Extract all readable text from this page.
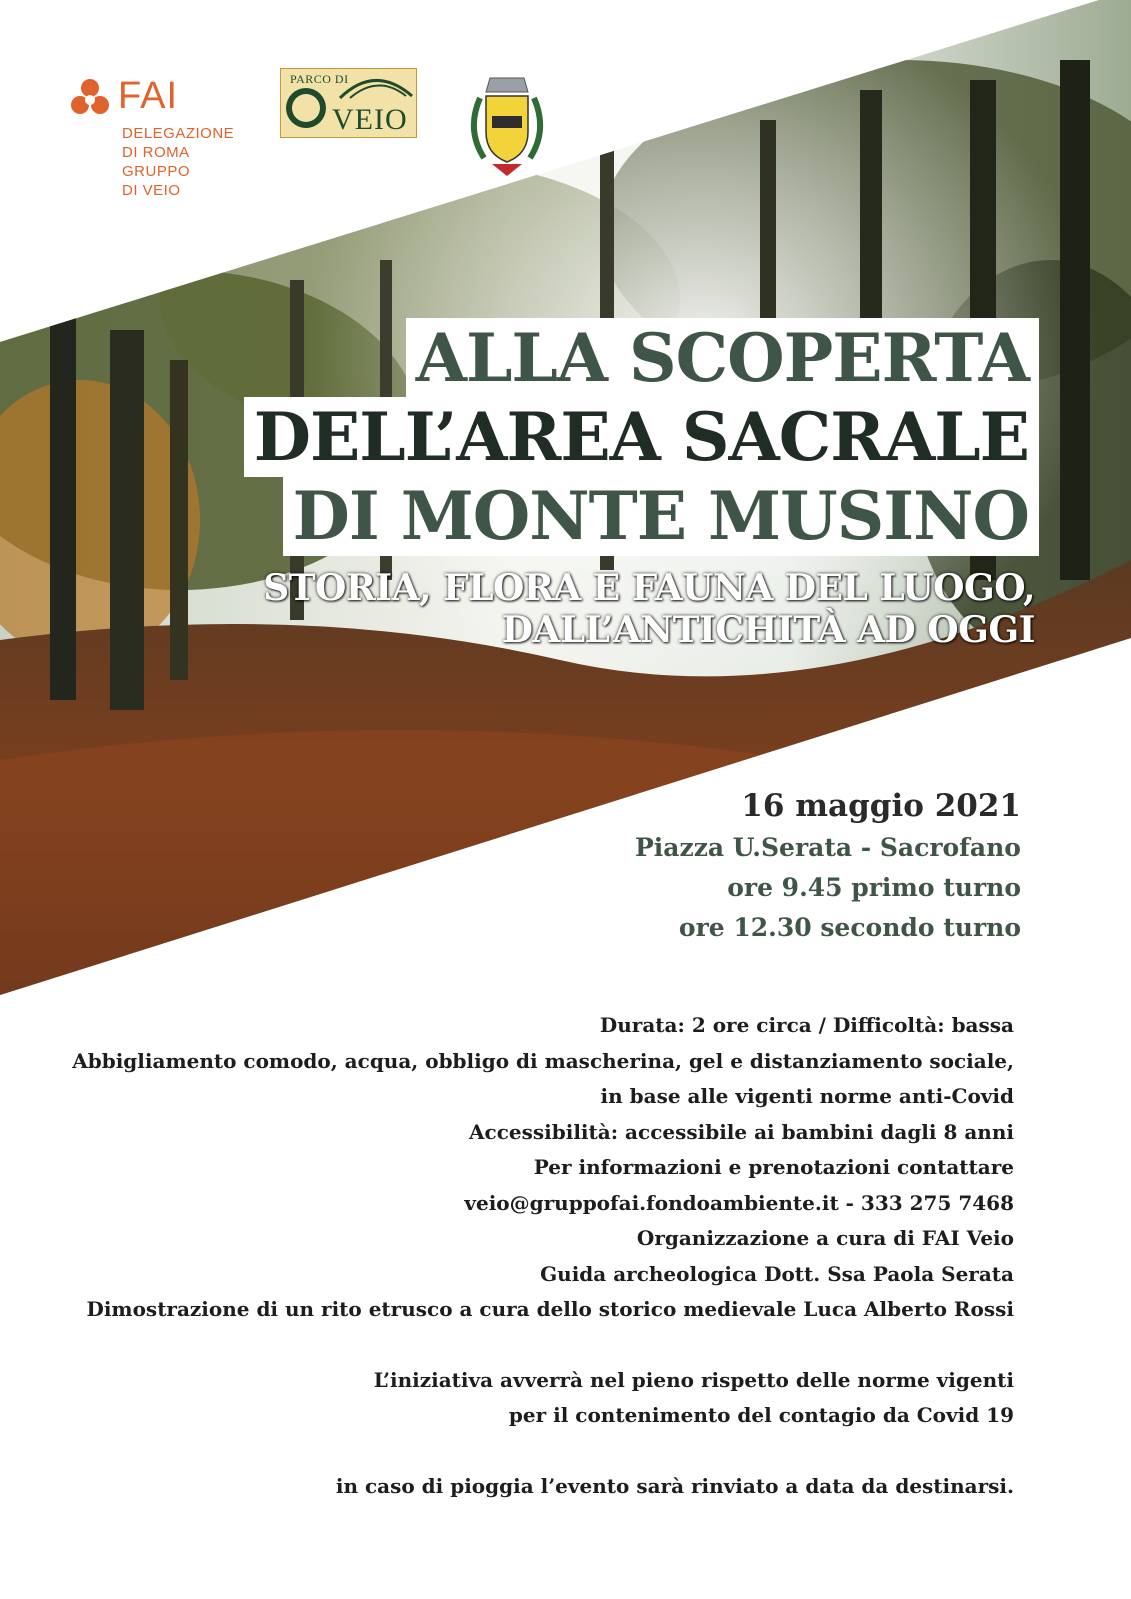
FAI
DELEGAZIONE
DI ROMA
GRUPPO
DI VEIO
PARCO DI
VEIO
ALLA SCOPERTA
DELL’AREA SACRALE
DI MONTE MUSINO
STORIA, FLORA E FAUNA DEL LUOGO,
DALL’ANTICHITÀ AD OGGI
16 maggio 2021
Piazza U.Serata - Sacrofano
ore 9.45 primo turno
ore 12.30 secondo turno
Durata: 2 ore circa / Difficoltà: bassa
Abbigliamento comodo, acqua, obbligo di mascherina, gel e distanziamento sociale,
in base alle vigenti norme anti-Covid
Accessibilità: accessibile ai bambini dagli 8 anni
Per informazioni e prenotazioni contattare
veio@gruppofai.fondoambiente.it - 333 275 7468
Organizzazione a cura di FAI Veio
Guida archeologica Dott. Ssa Paola Serata
Dimostrazione di un rito etrusco a cura dello storico medievale Luca Alberto Rossi
L’iniziativa avverrà nel pieno rispetto delle norme vigenti
per il contenimento del contagio da Covid 19
in caso di pioggia l’evento sarà rinviato a data da destinarsi.
